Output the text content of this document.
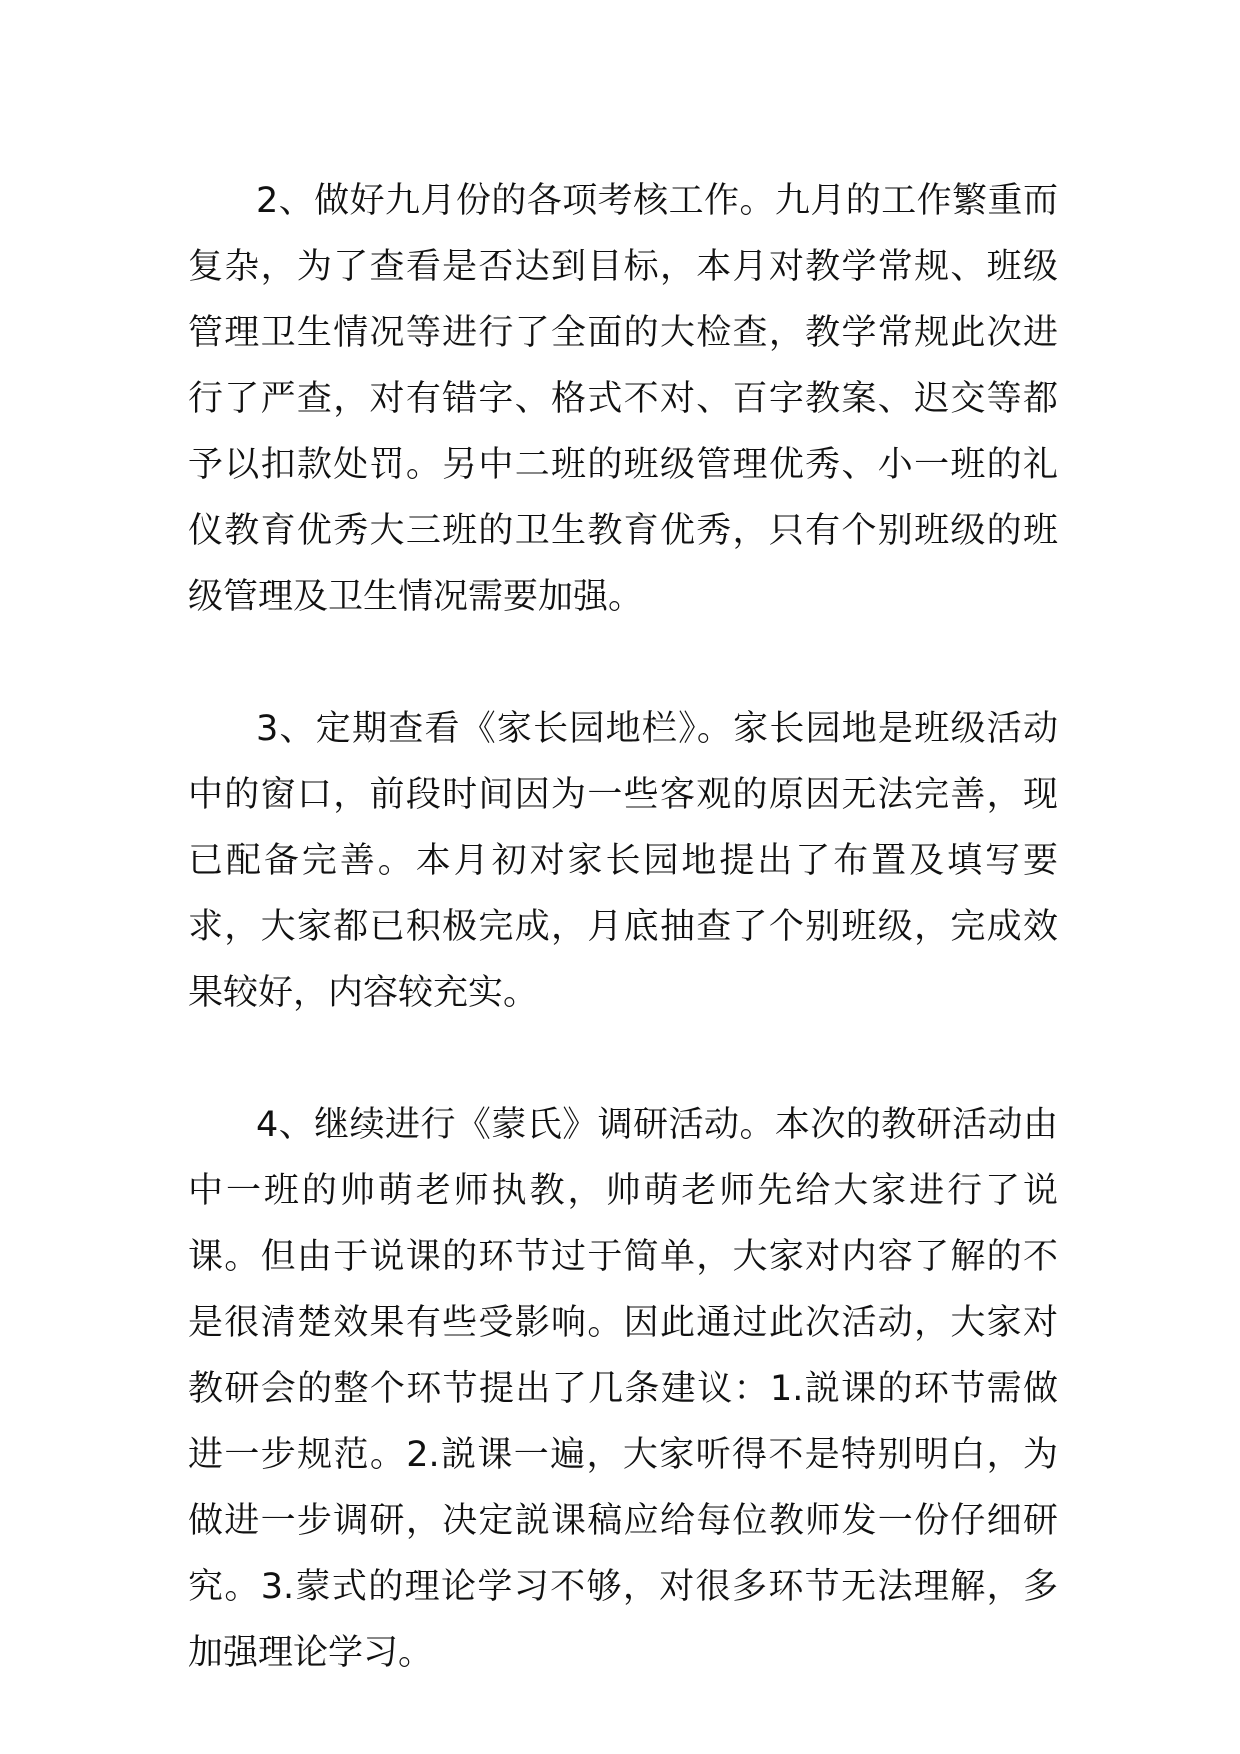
2、做好九月份的各项考核工作。九月的工作繁重而复杂，为了查看是否达到目标，本月对教学常规、班级管理卫生情况等进行了全面的大检查，教学常规此次进行了严查，对有错字、格式不对、百字教案、迟交等都予以扣款处罚。另中二班的班级管理优秀、小一班的礼仪教育优秀大三班的卫生教育优秀，只有个别班级的班级管理及卫生情况需要加强。

3、定期查看《家长园地栏》。家长园地是班级活动中的窗口，前段时间因为一些客观的原因无法完善，现已配备完善。本月初对家长园地提出了布置及填写要求，大家都已积极完成，月底抽查了个别班级，完成效果较好，内容较充实。

4、继续进行《蒙氏》调研活动。本次的教研活动由中一班的帅萌老师执教，帅萌老师先给大家进行了说课。但由于说课的环节过于简单，大家对内容了解的不是很清楚效果有些受影响。因此通过此次活动，大家对教研会的整个环节提出了几条建议：1.説课的环节需做进一步规范。2.説课一遍，大家听得不是特别明白，为做进一步调研，决定説课稿应给每位教师发一份仔细研究。3.蒙式的理论学习不够，对很多环节无法理解，多加强理论学习。
